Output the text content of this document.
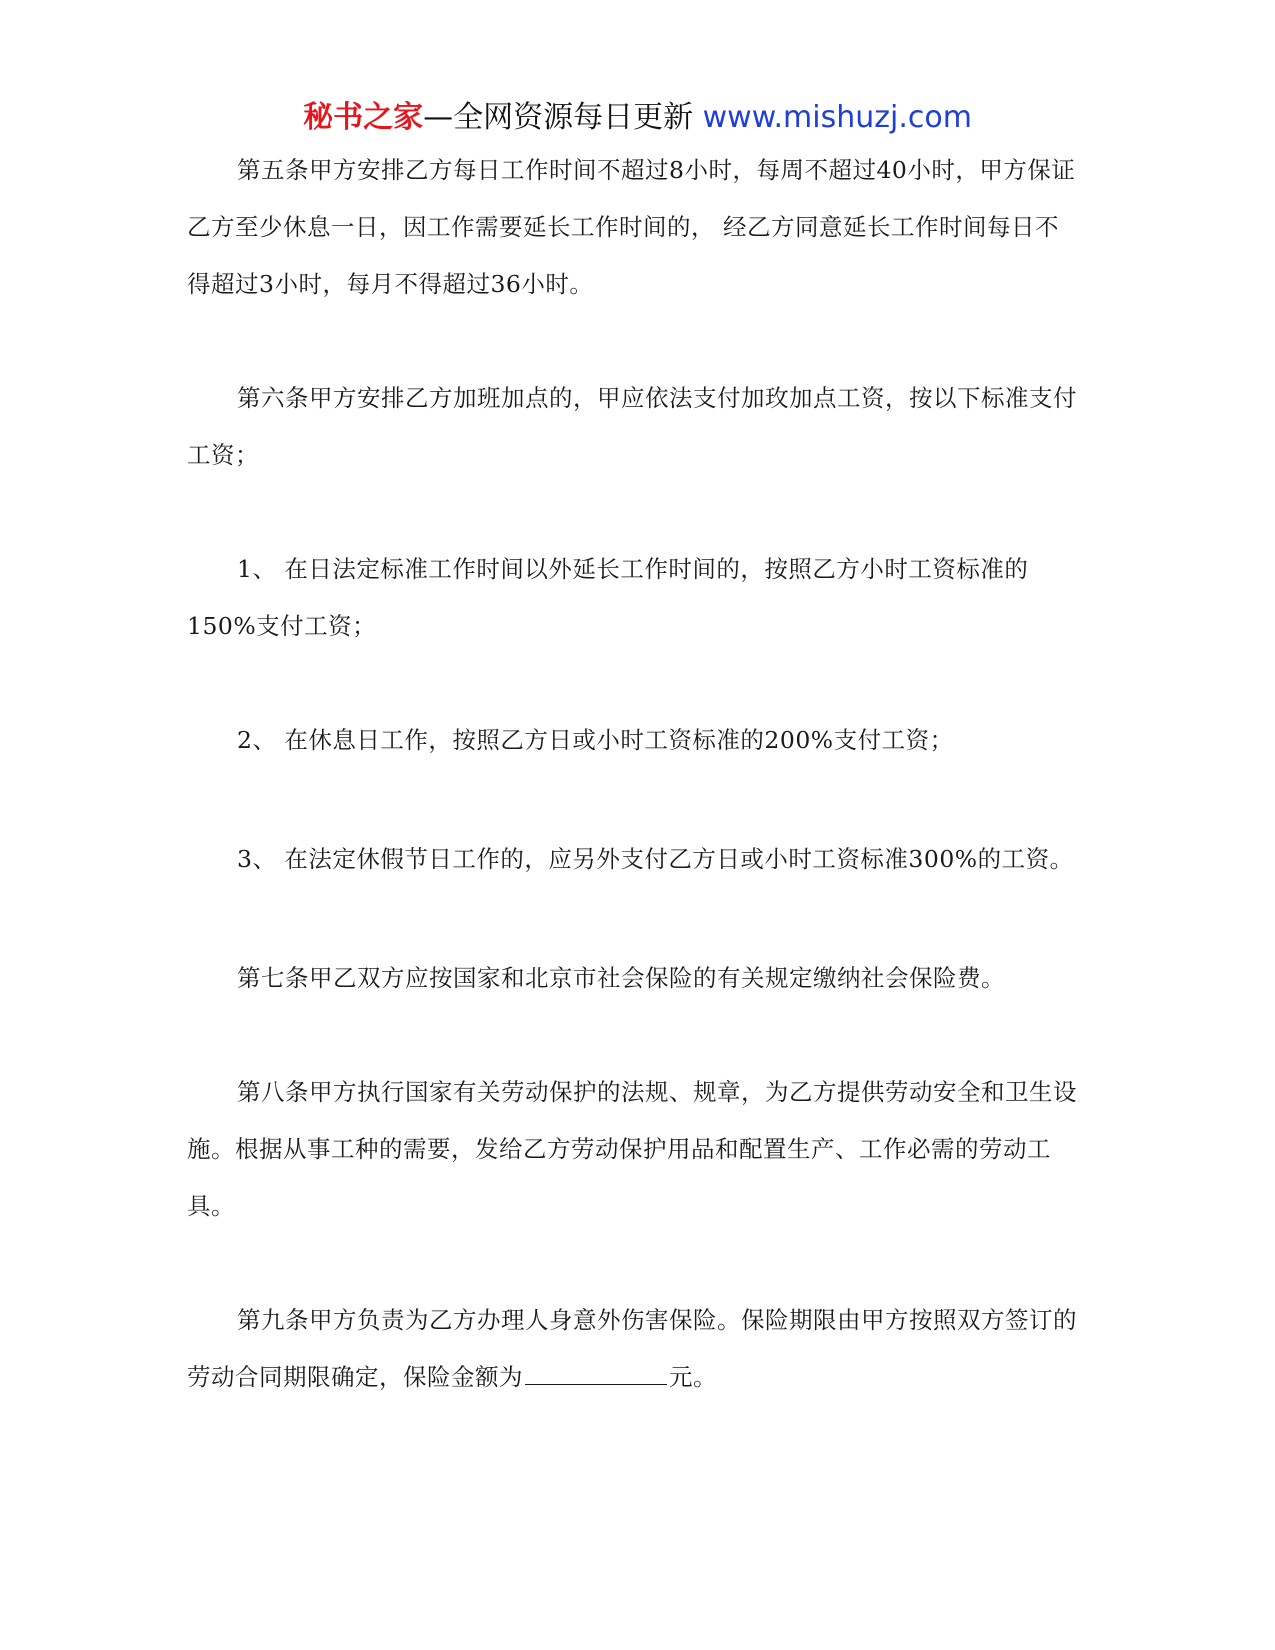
秘书之家—全网资源每日更新 www.mishuzj.com

第五条甲方安排乙方每日工作时间不超过8小时，每周不超过40小时，甲方保证乙方至少休息一日，因工作需要延长工作时间的， 经乙方同意延长工作时间每日不得超过3小时，每月不得超过36小时。

第六条甲方安排乙方加班加点的，甲应依法支付加玫加点工资，按以下标准支付工资；

1、 在日法定标准工作时间以外延长工作时间的，按照乙方小时工资标准的150%支付工资；

2、 在休息日工作，按照乙方日或小时工资标准的200%支付工资；

3、 在法定休假节日工作的，应另外支付乙方日或小时工资标准300%的工资。

第七条甲乙双方应按国家和北京市社会保险的有关规定缴纳社会保险费。

第八条甲方执行国家有关劳动保护的法规、规章，为乙方提供劳动安全和卫生设施。根据从事工种的需要，发给乙方劳动保护用品和配置生产、工作必需的劳动工具。

第九条甲方负责为乙方办理人身意外伤害保险。保险期限由甲方按照双方签订的劳动合同期限确定，保险金额为	元。
